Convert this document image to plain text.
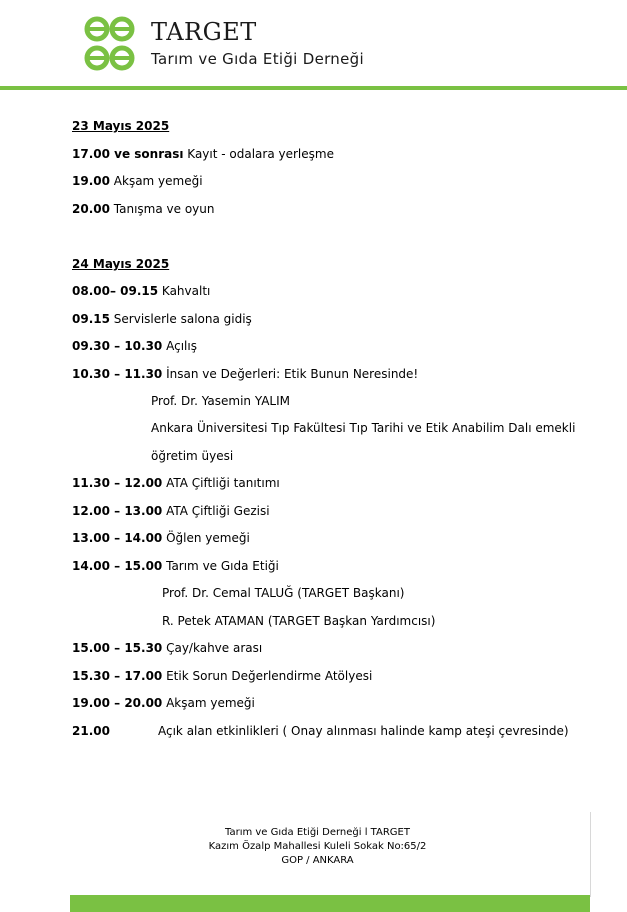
TARGET
Tarım ve Gıda Etiği Derneği
23 Mayıs 2025
17.00 ve sonrası Kayıt - odalara yerleşme
19.00 Akşam yemeği
20.00 Tanışma ve oyun
24 Mayıs 2025
08.00– 09.15 Kahvaltı
09.15 Servislerle salona gidiş
09.30 – 10.30 Açılış
10.30 – 11.30 İnsan ve Değerleri: Etik Bunun Neresinde!
Prof. Dr. Yasemin YALIM
Ankara Üniversitesi Tıp Fakültesi Tıp Tarihi ve Etik Anabilim Dalı emekli
öğretim üyesi
11.30 – 12.00 ATA Çiftliği tanıtımı
12.00 – 13.00 ATA Çiftliği Gezisi
13.00 – 14.00 Öğlen yemeği
14.00 – 15.00 Tarım ve Gıda Etiği
Prof. Dr. Cemal TALUĞ (TARGET Başkanı)
R. Petek ATAMAN (TARGET Başkan Yardımcısı)
15.00 – 15.30 Çay/kahve arası
15.30 – 17.00 Etik Sorun Değerlendirme Atölyesi
19.00 – 20.00 Akşam yemeği
21.00	Açık alan etkinlikleri ( Onay alınması halinde kamp ateşi çevresinde)
Tarım ve Gıda Etiği Derneği l TARGET
Kazım Özalp Mahallesi Kuleli Sokak No:65/2
GOP / ANKARA
